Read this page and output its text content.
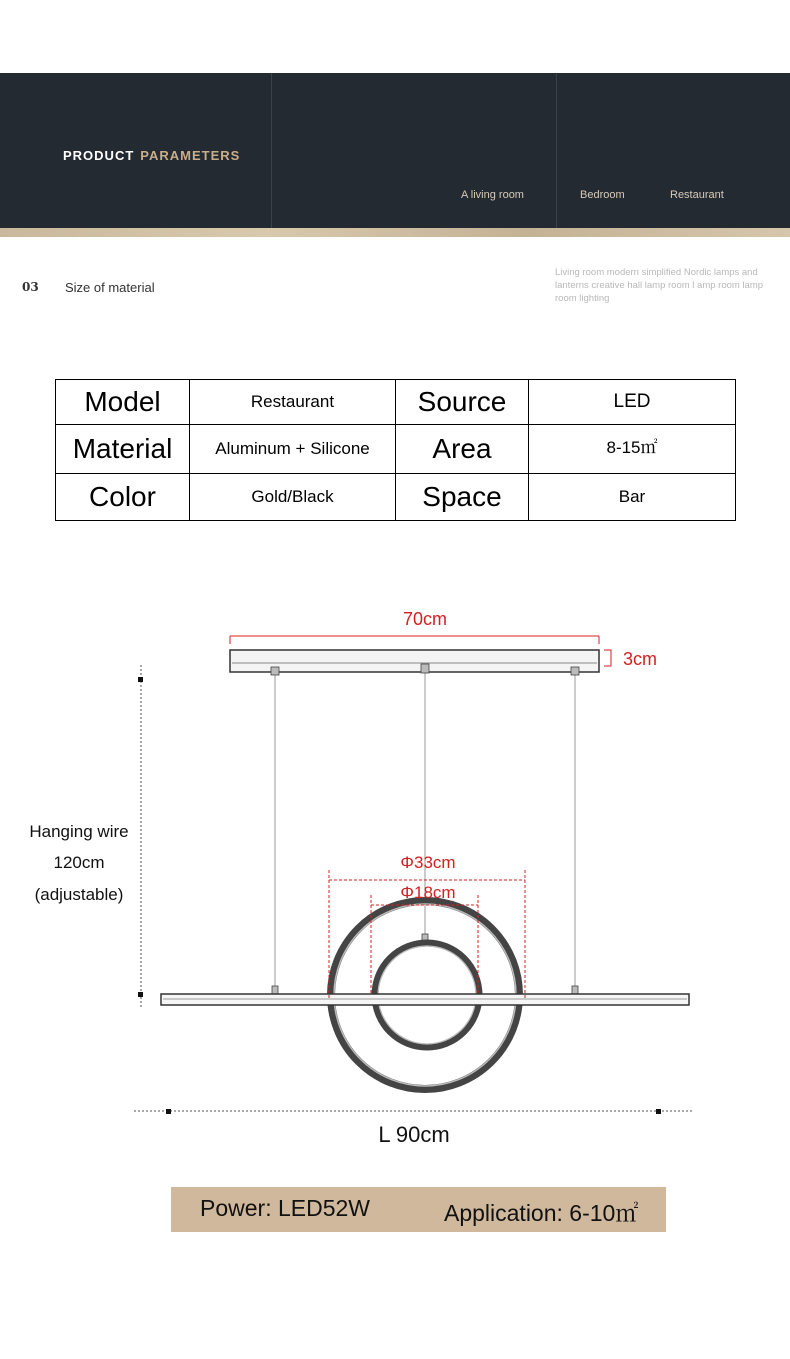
PRODUCT PARAMETERS
A living room	Bedroom	Restaurant
03 Size of material
Living room modern simplified Nordic lamps and lanterns creative hall lamp room l amp room lamp room lighting
Model	Restaurant	Source	LED
Material	Aluminum + Silicone	Area	8-15㎡
Color	Gold/Black	Space	Bar
70cm
3cm
Hanging wire
120cm
(adjustable)
Φ33cm
Φ18cm
L 90cm
Power: LED52W	Application: 6-10㎡
